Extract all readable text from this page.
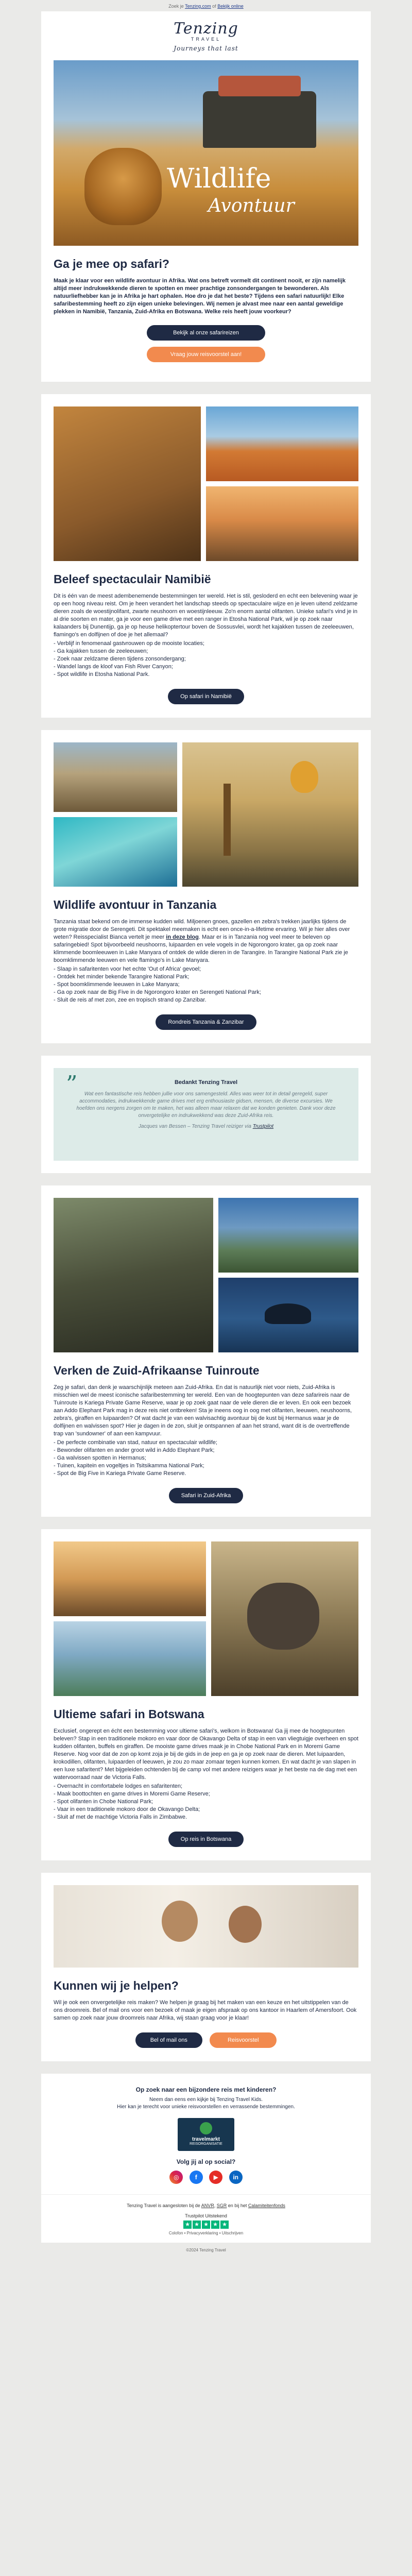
Zoek je Tenzing.com of Bekijk online
Tenzing
TRAVEL
Journeys that last
Wildlife
Avontuur
Ga je mee op safari?

Maak je klaar voor een wildlife avontuur in Afrika. Wat ons betreft vormelt dit continent nooit, er zijn namelijk altijd meer indrukwekkende dieren te spotten en meer prachtige zonsondergangen te bewonderen. Als natuurliefhebber kan je in Afrika je hart ophalen. Hoe dro je dat het beste? Tijdens een safari natuurlijk! Elke safaribestemming heeft zo zijn eigen unieke belevingen. Wij nemen je alvast mee naar een aantal geweldige plekken in Namibië, Tanzania, Zuid-Afrika en Botswana. Welke reis heeft jouw voorkeur?

Bekijk al onze safarireizen
Vraag jouw reisvoorstel aan!
Beleef spectaculair Namibië

Dit is één van de meest adembenemende bestemmingen ter wereld. Het is stil, gesloderd en echt een belevening waar je op een hoog niveau reist. Om je heen verandert het landschap steeds op spectaculaire wijze en je leven uitend zeldzame dieren zoals de woestijnolifant, zwarte neushoorn en woestijnleeuw. Zo'n enorm aantal olifanten. Unieke safari's vind je in al drie soorten en mater, ga je voor een game drive met een ranger in Etosha National Park, wil je op zoek naar kalaanders bij Dunentijp, ga je op heuse helikoptertour boven de Sossusvlei, wordt het kajakken tussen de zeeleeuwen, flamingo's en dolfijnen of doe je het allemaal?

- Verblijf in fenomenaal gastvrouwen op de mooiste locaties;
- Ga kajakken tussen de zeeleeuwen;
- Zoek naar zeldzame dieren tijdens zonsondergang;
- Wandel langs de kloof van Fish River Canyon;
- Spot wildlife in Etosha National Park.
Op safari in Namibië
Wildlife avontuur in Tanzania

Tanzania staat bekend om de immense kudden wild. Miljoenen gnoes, gazellen en zebra's trekken jaarlijks tijdens de grote migratie door de Serengeti. Dit spektakel meemaken is echt een once-in-a-lifetime ervaring. Wil je hier alles over weten? Reisspecialist Bianca vertelt je meer in deze blog. Maar er is in Tanzania nog veel meer te beleven op safaringebied! Spot bijvoorbeeld neushoorns, luipaarden en vele vogels in de Ngorongoro krater, ga op zoek naar klimmende boomleeuwen in Lake Manyara of ontdek de wilde dieren in de Tarangire. In Tarangire National Park zie je boomklimmende leeuwen en vele flamingo's in Lake Manyara.

- Slaap in safaritenten voor het echte 'Out of Africa' gevoel;
- Ontdek het minder bekende Tarangire National Park;
- Spot boomklimmende leeuwen in Lake Manyara;
- Ga op zoek naar de Big Five in de Ngorongoro krater en Serengeti National Park;
- Sluit de reis af met zon, zee en tropisch strand op Zanzibar.
Rondreis Tanzania & Zanzibar
”	Bedankt Tenzing Travel
Wat een fantastische reis hebben jullie voor ons samengesteld. Alles was weer tot in detail geregeld, super accommodaties, indrukwekkende game drives met erg enthousiaste gidsen, mensen, de diverse excursies. We hoefden ons nergens zorgen om te maken, het was alleen maar relaxen dat we konden genieten. Dank voor deze onvergetelijke en indrukwekkend was deze Zuid-Afrika reis.
Jacques van Bessen – Tenzing Travel reiziger via Trustpilot
Verken de Zuid-Afrikaanse Tuinroute

Zeg je safari, dan denk je waarschijnlijk meteen aan Zuid-Afrika. En dat is natuurlijk niet voor niets, Zuid-Afrika is misschien wel de meest iconische safaribestemming ter wereld. Een van de hoogtepunten van deze safarireis naar de Tuinroute is Kariega Private Game Reserve, waar je op zoek gaat naar de vele dieren die er leven. En ook een bezoek aan Addo Elephant Park mag in deze reis niet ontbreken! Sta je ineens oog in oog met olifanten, leeuwen, neushoorns, zebra's, giraffen en luipaarden? Of wat dacht je van een walvisachtig avontuur bij de kust bij Hermanus waar je de dolfijnen en walvissen spot? Hier je dagen in de zon, sluit je ontspannen af aan het strand, want dit is de overtreffende trap van 'sundowner' of aan een kampvuur.

- De perfecte combinatie van stad, natuur en spectaculair wildlife;
- Bewonder olifanten en ander groot wild in Addo Elephant Park;
- Ga walvissen spotten in Hermanus;
- Tuinen, kapitein en vogeltjes in Tsitsikamma National Park;
- Spot de Big Five in Kariega Private Game Reserve.
Safari in Zuid-Afrika
Ultieme safari in Botswana

Exclusief, ongerept en écht een bestemming voor ultieme safari's, welkom in Botswana! Ga jij mee de hoogtepunten beleven? Stap in een traditionele mokoro en vaar door de Okavango Delta of stap in een van vliegtuigje overheen en spot kudden olifanten, buffels en giraffen. De mooiste game drives maak je in Chobe National Park en in Moremi Game Reserve. Nog voor dat de zon op komt zoja je bij de gids in de jeep en ga je op zoek naar de dieren. Met luipaarden, krokodillen, olifanten, luipaarden of leeuwen, je zou zo maar zomaar tegen kunnen komen. En wat dacht je van slapen in een luxe safaritent? Met bijgeleiden ochtenden bij de camp vol met andere reizigers waar je het beste na de dag met een watervoorraad naar de Victoria Falls.

- Overnacht in comfortabele lodges en safaritenten;
- Maak boottochten en game drives in Moremi Game Reserve;
- Spot olifanten in Chobe National Park;
- Vaar in een traditionele mokoro door de Okavango Delta;
- Sluit af met de machtige Victoria Falls in Zimbabwe.
Op reis in Botswana
Kunnen wij je helpen?

Wil je ook een onvergetelijke reis maken? We helpen je graag bij het maken van een keuze en het uitstippelen van de ons droomreis. Bel of mail ons voor een bezoek of maak je eigen afspraak op ons kantoor in Haarlem of Amersfoort. Ook samen op zoek naar jouw droomreis naar Afrika, wij staan graag voor je klaar!

Bel of mail ons	Reisvoorstel
Op zoek naar een bijzondere reis met kinderen?
Neem dan eens een kijkje bij Tenzing Travel Kids.
Hier kan je terecht voor unieke reisvoorstellen en verrassende bestemmingen.
travelmarkt
REISORGANISATIE
Volg jij al op social?
◎	f	▶ in
Tenzing Travel is aangesloten bij de ANVR, SGR en bij het Calamiteitenfonds
Trustpilot Uitstekend
★ ★ ★ ★ ★
Colofon • Privacyverklaring • Uitschrijven
©2024 Tenzing Travel
